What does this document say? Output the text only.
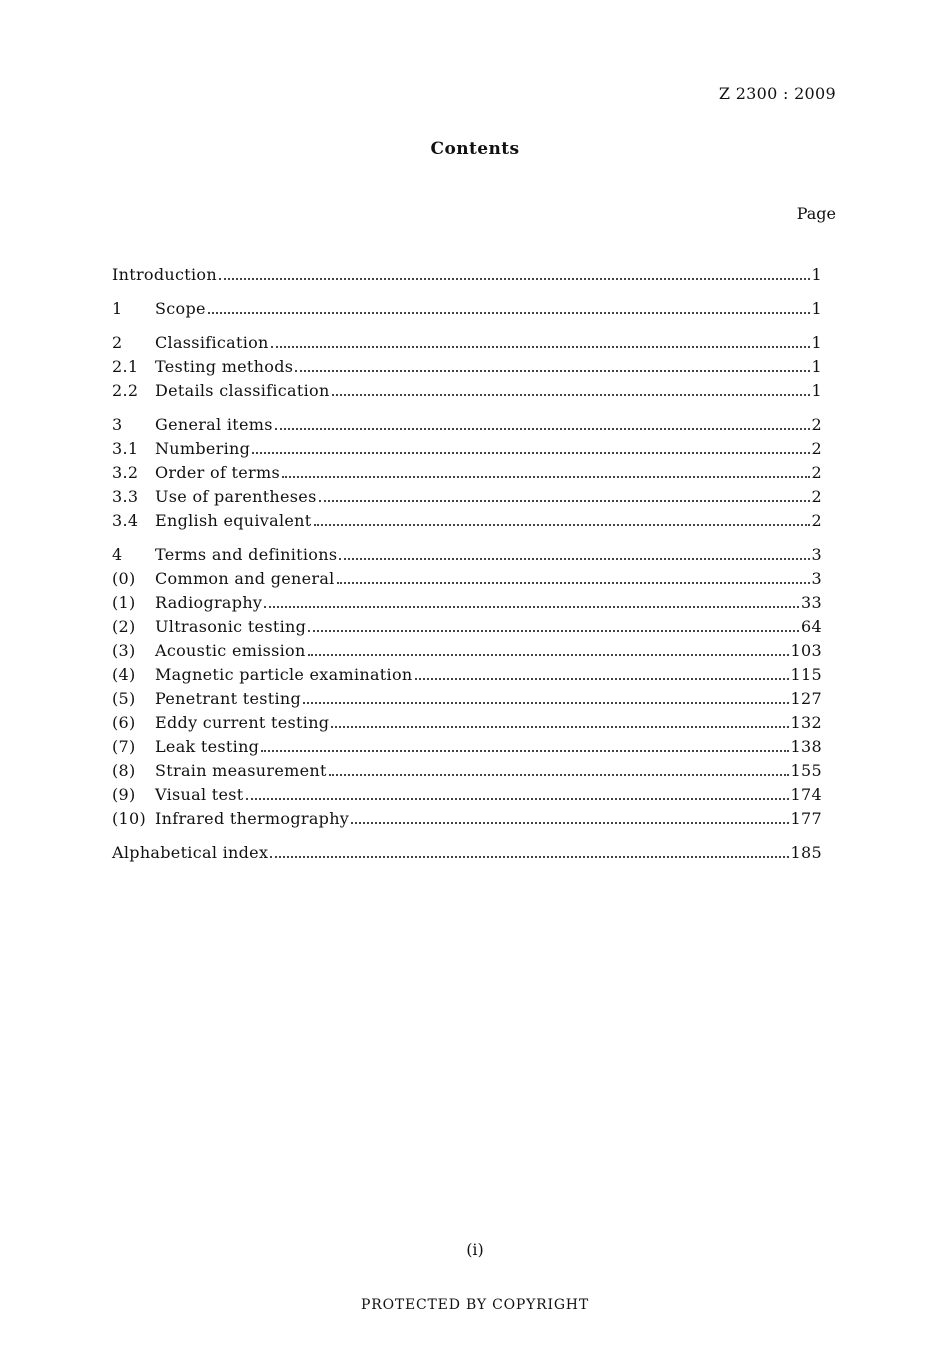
Z 2300 : 2009
Contents
Page
Introduction	1
1	Scope	1
2	Classification	1
2.1	Testing methods	1
2.2	Details classification	1
3	General items	2
3.1	Numbering	2
3.2	Order of terms	2
3.3	Use of parentheses	2
3.4	English equivalent	2
4	Terms and definitions	3
(0)	Common and general	3
(1)	Radiography	33
(2)	Ultrasonic testing	64
(3)	Acoustic emission	103
(4)	Magnetic particle examination	115
(5)	Penetrant testing	127
(6)	Eddy current testing	132
(7)	Leak testing	138
(8)	Strain measurement	155
(9)	Visual test	174
(10) Infrared thermography	177
Alphabetical index	185
(i)
PROTECTED BY COPYRIGHT
